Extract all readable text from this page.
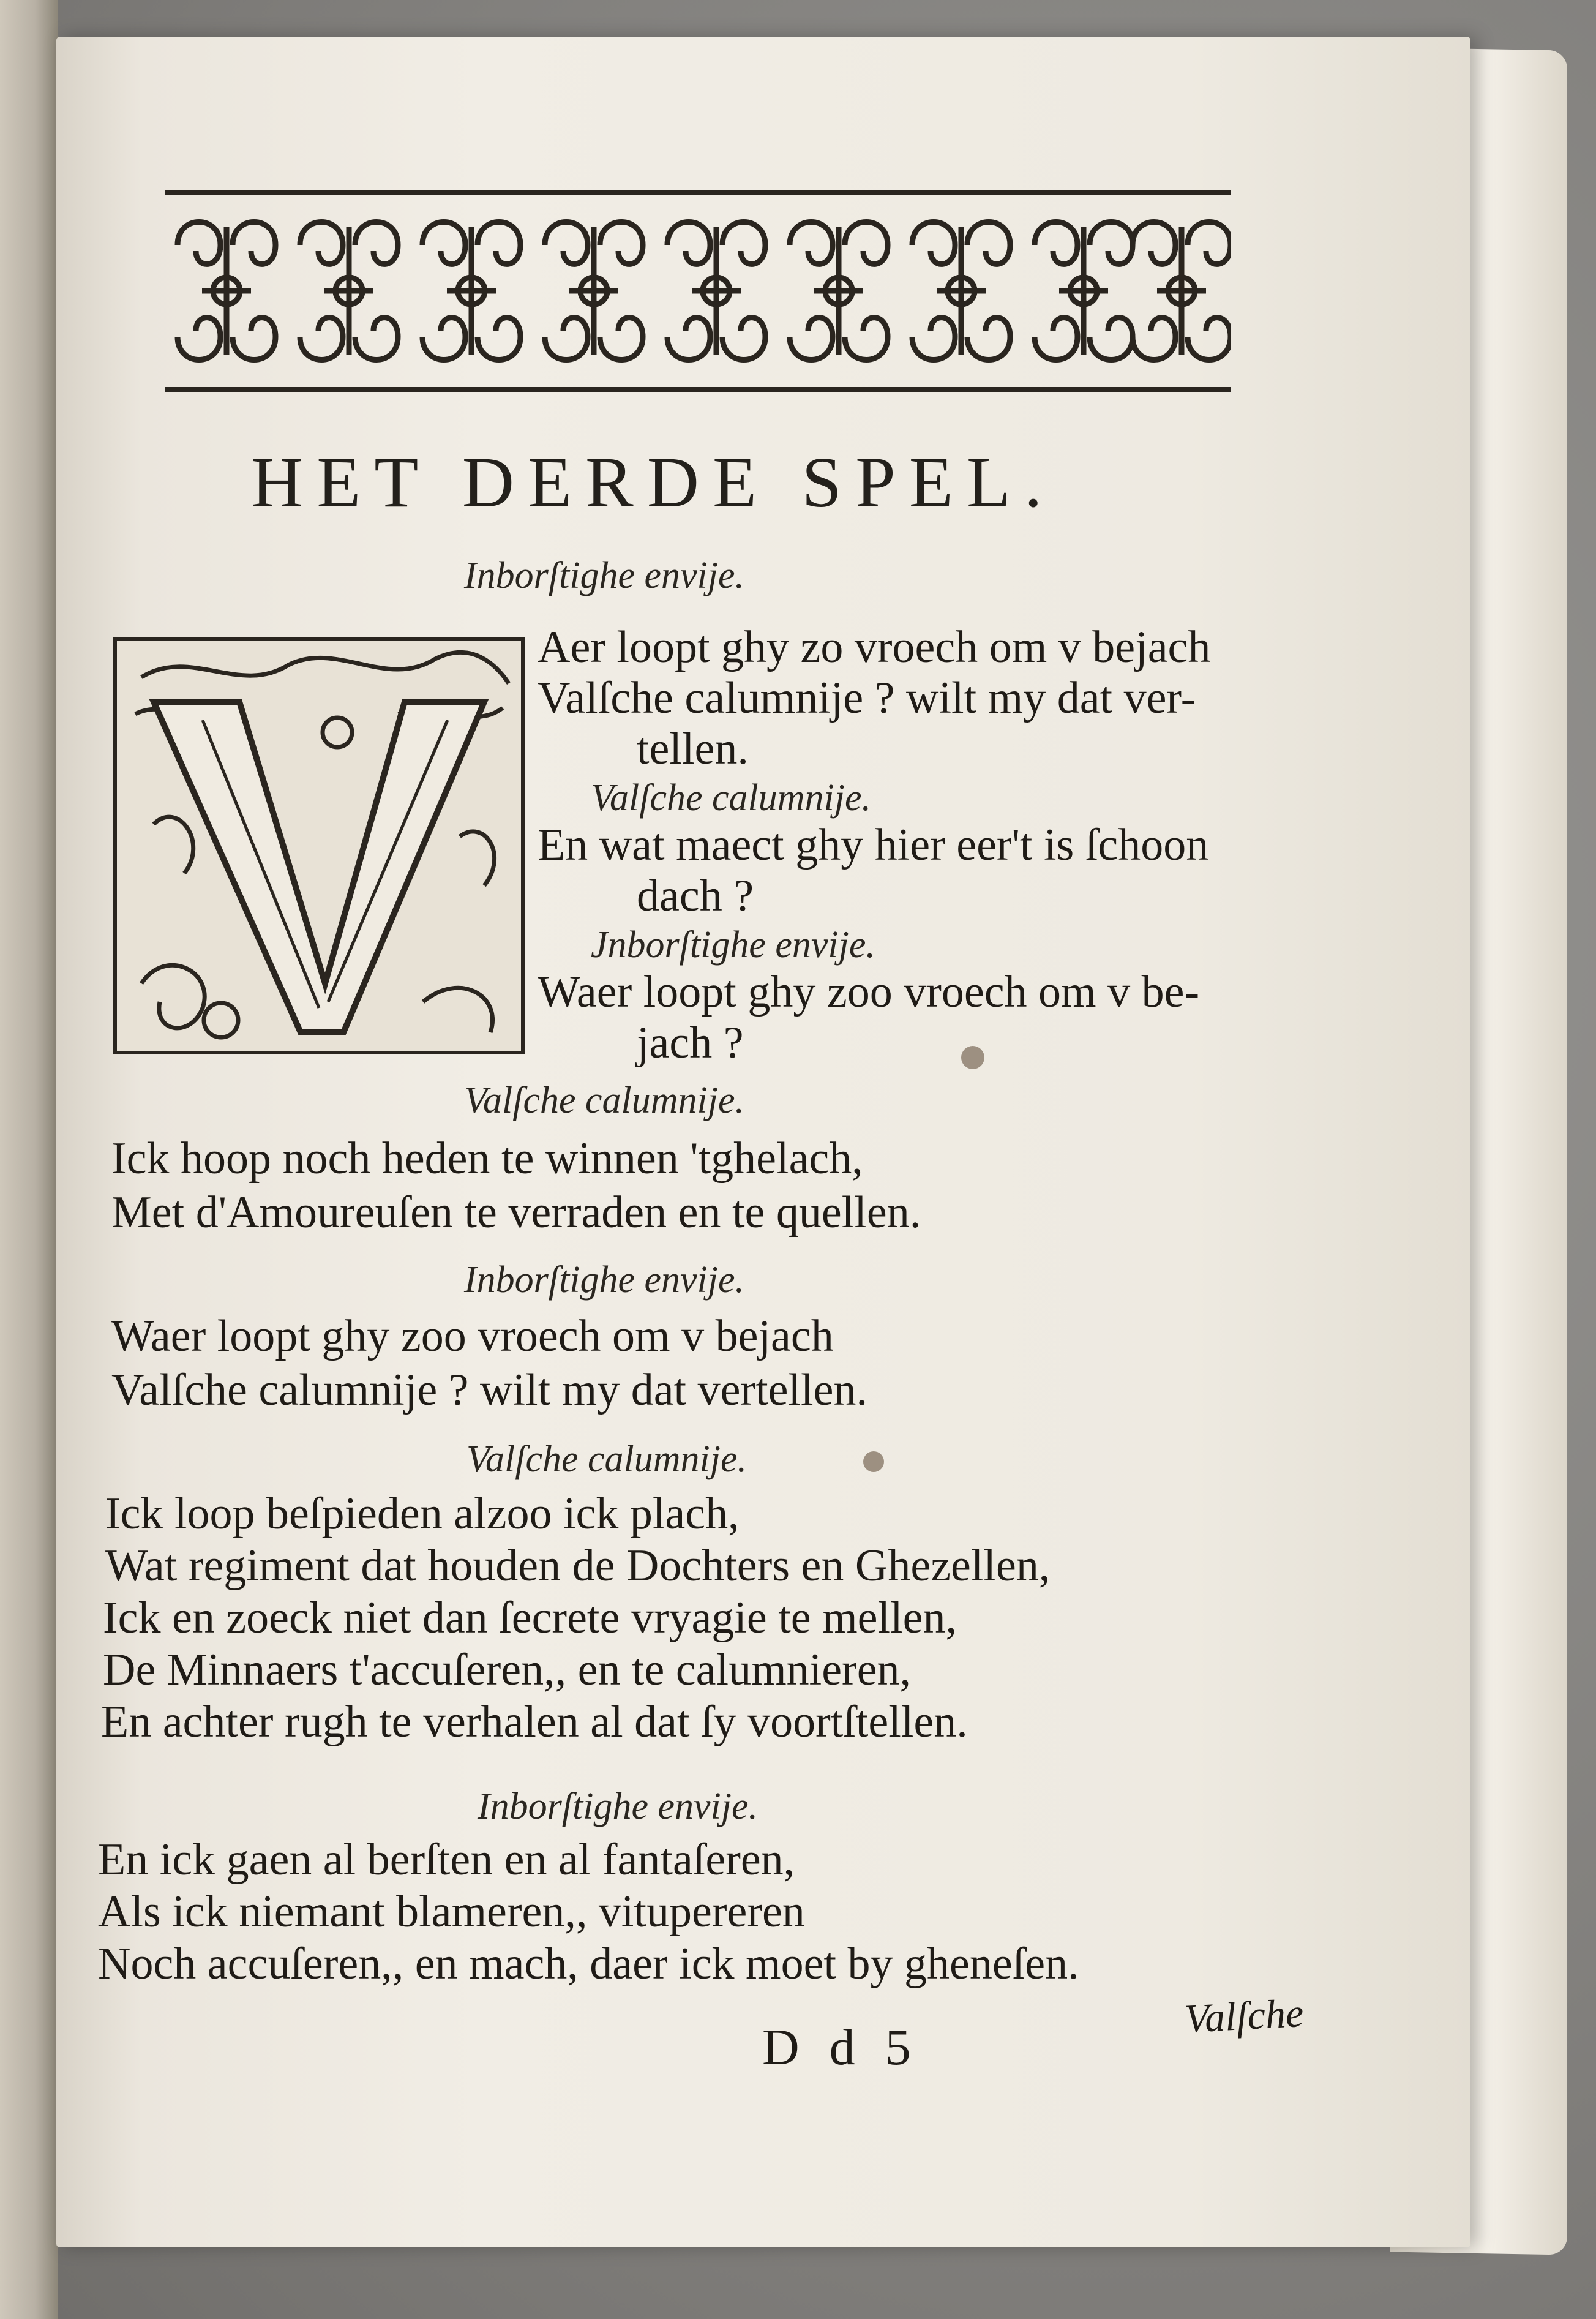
HET DERDE SPEL.
Inborſtighe envije.
Aer loopt ghy zo vroech om v bejach
Valſche calumnije ? wilt my dat ver-
tellen.
Valſche calumnije.
En wat maect ghy hier eer't is ſchoon
dach ?
Jnborſtighe envije.
Waer loopt ghy zoo vroech om v be-
jach ?
Valſche calumnije.
Ick hoop noch heden te winnen 'tghelach,
Met d'Amoureuſen te verraden en te quellen.
Inborſtighe envije.
Waer loopt ghy zoo vroech om v bejach
Valſche calumnije ? wilt my dat vertellen.
Valſche calumnije.
Ick loop beſpieden alzoo ick plach,
Wat regiment dat houden de Dochters en Ghezellen,
Ick en zoeck niet dan ſecrete vryagie te mellen,
De Minnaers t'accuſeren,, en te calumnieren,
En achter rugh te verhalen al dat ſy voortſtellen.
Inborſtighe envije.
En ick gaen al berſten en al fantaſeren,
Als ick niemant blameren,, vitupereren
Noch accuſeren,, en mach, daer ick moet by gheneſen.
D d 5
Valſche
